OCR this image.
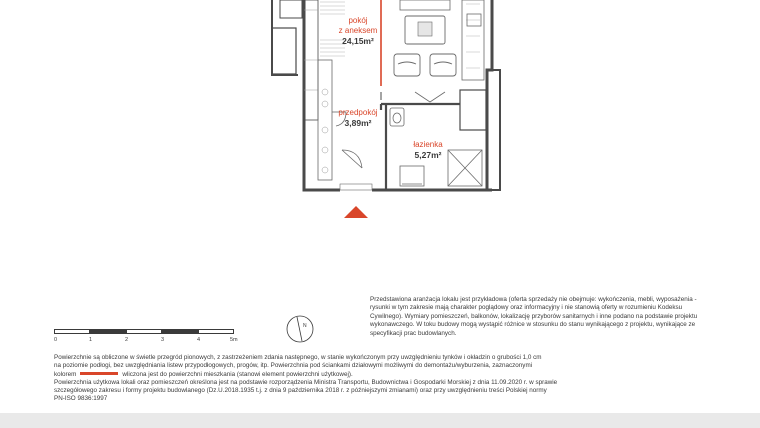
pokój
z aneksem
24,15m²
przedpokój
3,89m²
łazienka
5,27m²
Przedstawiona aranżacja lokalu jest przykładowa (oferta sprzedaży nie obejmuje: wykończenia, mebli, wyposażenia - rysunki w tym zakresie mają charakter poglądowy oraz informacyjny i nie stanowią oferty w rozumieniu Kodeksu Cywilnego). Wymiary pomieszczeń, balkonów, lokalizację przyborów sanitarnych i inne podano na podstawie projektu wykonawczego. W toku budowy mogą wystąpić różnice w stosunku do stanu wynikającego z projektu, wynikające ze specyfikacji prac budowlanych.
0	1	2	3	4	5m
N

Powierzchnie są obliczone w świetle przegród pionowych, z zastrzeżeniem zdania następnego, w stanie wykończonym przy uwzględnieniu tynków i okładzin o grubości 1,0 cm

na poziomie podłogi, bez uwzględniania listew przypodłogowych, progów, itp. Powierzchnia pod ściankami działowymi możliwymi do demontażu/wyburzenia, zaznaczonymi

kolorem	wliczona jest do powierzchni mieszkania (stanowi element powierzchni użytkowej).

Powierzchnia użytkowa lokali oraz pomieszczeń określona jest na podstawie rozporządzenia Ministra Transportu, Budownictwa i Gospodarki Morskiej z dnia 11.09.2020 r. w sprawie

szczegółowego zakresu i formy projektu budowlanego (Dz.U.2018.1935 t.j. z dnia 9 października 2018 r. z późniejszymi zmianami) oraz przy uwzględnieniu treści Polskiej normy

PN-ISO 9836:1997
